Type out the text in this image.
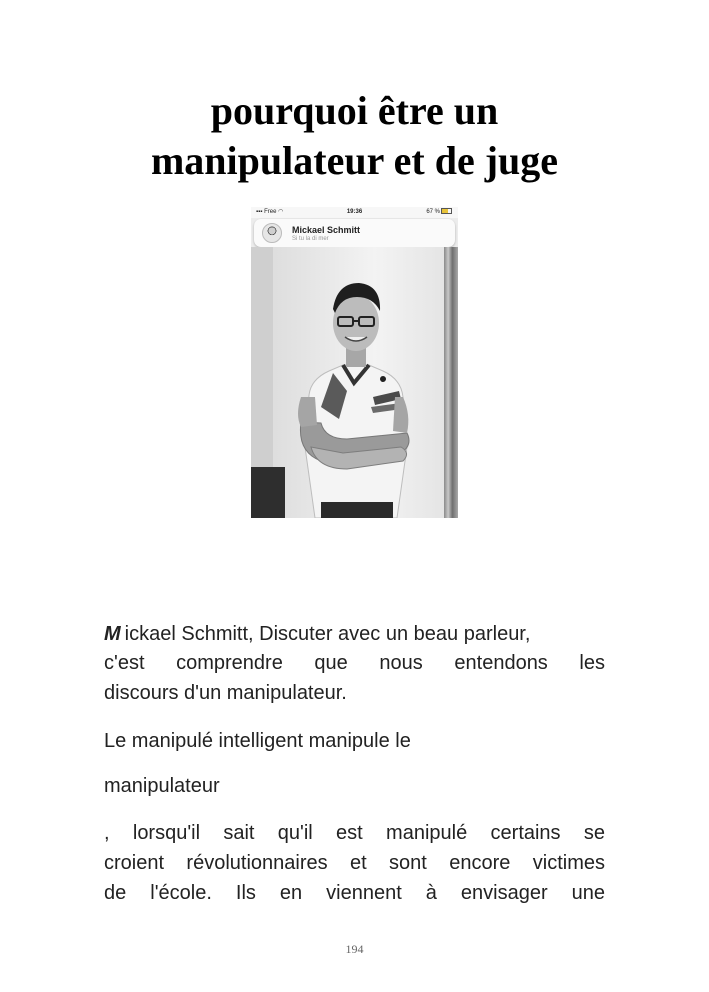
pourquoi être un
manipulateur et de juge
▪▪▪ Free ◠	19:36	67 %
Mickael Schmitt
Si tu la di mer

M ickael Schmitt, Discuter avec un beau parleur,

c'est comprendre que nous entendons les

discours d'un manipulateur.

Le manipulé intelligent manipule le

manipulateur

, lorsqu'il sait qu'il est manipulé certains se

croient révolutionnaires et sont encore victimes

de l'école. Ils en viennent à envisager une

194
